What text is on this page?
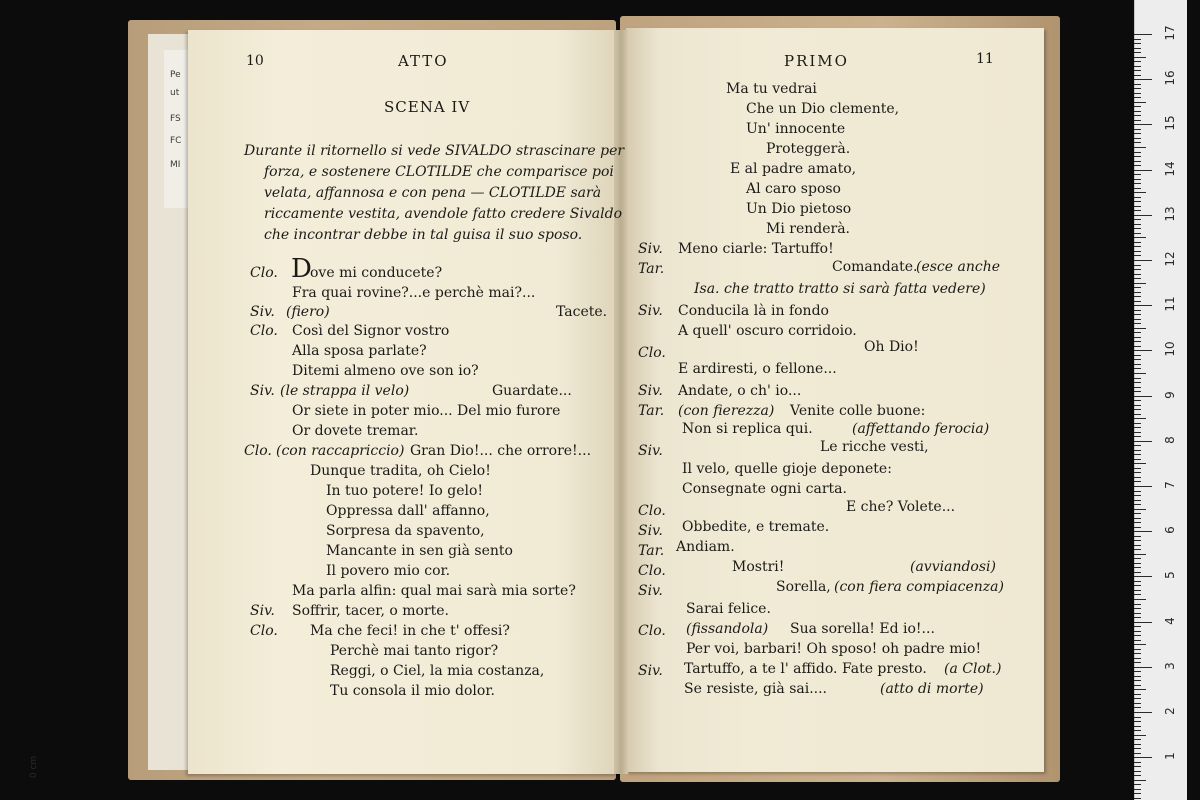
Pe
ut
FS
FC
MI
10	ATTO
SCENA IV
Durante il ritornello si vede SIVALDO strascinare per
forza, e sostenere CLOTILDE che comparisce poi
velata, affannosa e con pena — CLOTILDE sarà
riccamente vestita, avendole fatto credere Sivaldo
che incontrar debbe in tal guisa il suo sposo.
Clo. D
ove mi conducete?
Fra quai rovine?...e perchè mai?...
Siv. (fiero)	Tacete.
Clo. Così del Signor vostro
Alla sposa parlate?
Ditemi almeno ove son io?
Siv. (le strappa il velo)	Guardate...
Or siete in poter mio... Del mio furore
Or dovete tremar.
Clo. (con raccapriccio) Gran Dio!... che orrore!...
Dunque tradita, oh Cielo!
In tuo potere! Io gelo!
Oppressa dall' affanno,
Sorpresa da spavento,
Mancante in sen già sento
Il povero mio cor.
Ma parla alfin: qual mai sarà mia sorte?
Siv. Soffrir, tacer, o morte.
Clo. Ma che feci! in che t' offesi?
Perchè mai tanto rigor?
Reggi, o Ciel, la mia costanza,
Tu consola il mio dolor.
PRIMO	11
Ma tu vedrai
Che un Dio clemente,
Un' innocente
Proteggerà.
E al padre amato,
Al caro sposo
Un Dio pietoso
Mi renderà.
Siv. Meno ciarle: Tartuffo!
Tar.	Comandate.
(esce anche
Isa. che tratto tratto si sarà fatta vedere)
Siv. Conducila là in fondo
A quell' oscuro corridoio.
Clo.	Oh Dio!
E ardiresti, o fellone...
Siv. Andate, o ch' io...
Tar. (con fierezza) Venite colle buone:
Non si replica qui.	(affettando ferocia)
Siv.	Le ricche vesti,
Il velo, quelle gioje deponete:
Consegnate ogni carta.
Clo.	E che? Volete...
Siv. Obbedite, e tremate.
Tar. Andiam.
Clo.	Mostri!	(avviandosi)
Siv.	Sorella, (con fiera compiacenza)
Sarai felice.
Clo. (fissandola) Sua sorella! Ed io!...
Per voi, barbari! Oh sposo! oh padre mio!
Siv. Tartuffo, a te l' affido. Fate presto. (a Clot.)
Se resiste, già sai....	(atto di morte)
17
16
15
14
13
12
11
10
9
8
7
6
5
4
3
2
1
0 cm
